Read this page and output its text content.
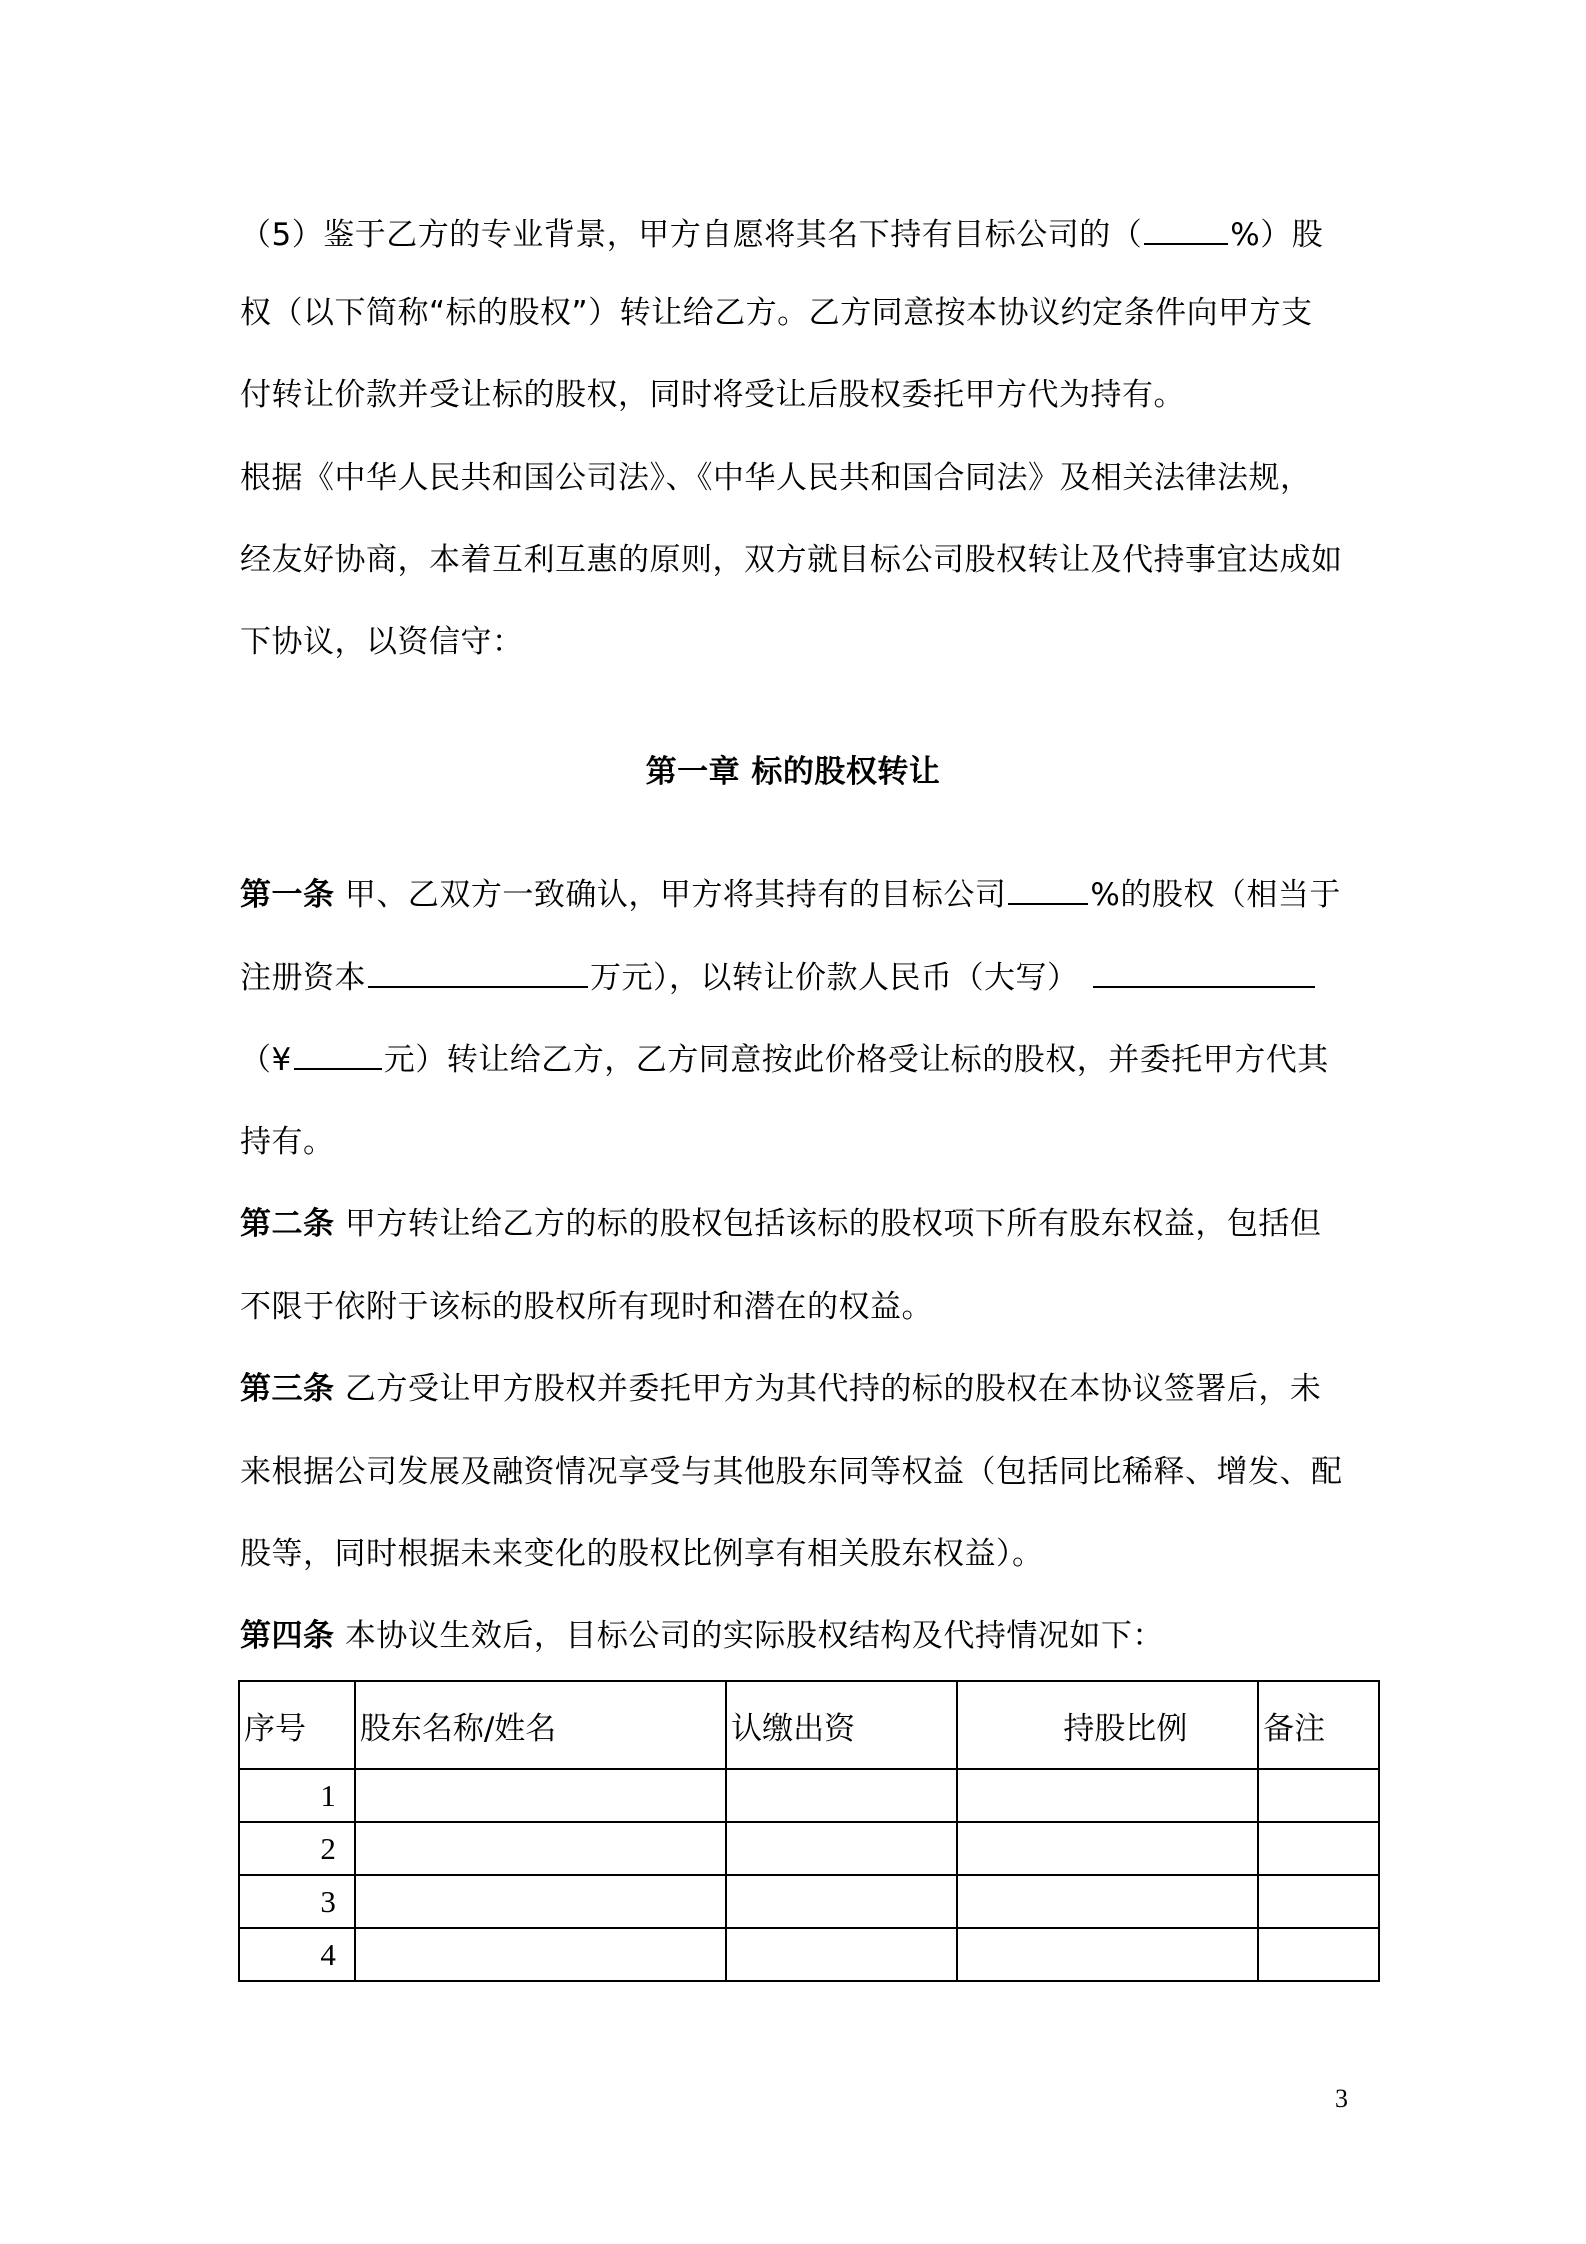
（5）鉴于乙方的专业背景，甲方自愿将其名下持有目标公司的（	%）股
权（以下简称“标的股权”）转让给乙方。乙方同意按本协议约定条件向甲方支
付转让价款并受让标的股权，同时将受让后股权委托甲方代为持有。
根据《中华人民共和国公司法》、《中华人民共和国合同法》及相关法律法规，
经友好协商，本着互利互惠的原则，双方就目标公司股权转让及代持事宜达成如
下协议，以资信守：
第一章 标的股权转让
第一条 甲、乙双方一致确认，甲方将其持有的目标公司	%的股权（相当于
注册资本	万元），以转让价款人民币（大写）
（¥	元）转让给乙方，乙方同意按此价格受让标的股权，并委托甲方代其
持有。
第二条 甲方转让给乙方的标的股权包括该标的股权项下所有股东权益，包括但
不限于依附于该标的股权所有现时和潜在的权益。
第三条 乙方受让甲方股权并委托甲方为其代持的标的股权在本协议签署后，未
来根据公司发展及融资情况享受与其他股东同等权益（包括同比稀释、增发、配
股等，同时根据未来变化的股权比例享有相关股东权益）。
第四条 本协议生效后，目标公司的实际股权结构及代持情况如下：
序号	股东名称/姓名	认缴出资	持股比例	备注
1				
2				
3				
4				
3
